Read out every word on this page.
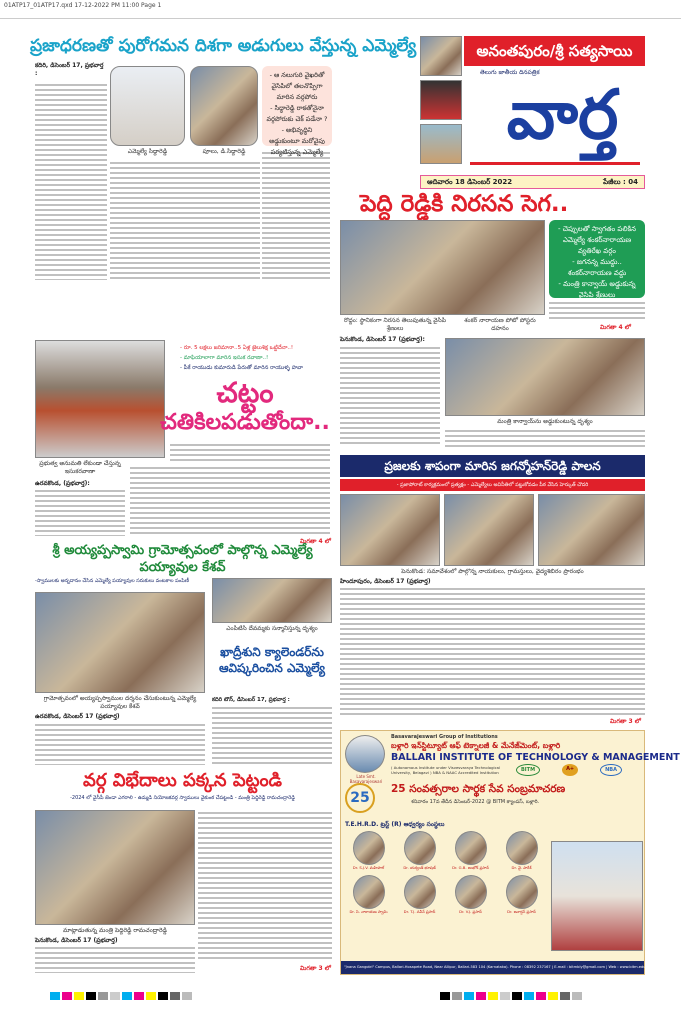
01ATP17_01ATP17.qxd 17-12-2022 PM 11:00 Page 1
ప్రజాధరణతో పురోగమన దిశగా అడుగులు వేస్తున్న ఎమ్మెల్యే
కదిరి, డిసెంబర్ 17, ప్రభవార్త :
ఎమ్మెల్యే సిద్దారెడ్డి	పూలు, డి.సిద్దారెడ్డి
- ఆ నలుగురి వైఖరితో వైసిపిలో తలనొప్పిగా మారిన వర్గపోరు
- సిద్ధారెడ్డి రాకతోనైనా వర్గపోరుకు చెక్ పడేనా ?
- అభివృద్ధిని అడ్డుకుంటూ మరోవైపు పర్యటిస్తున్న ఎమ్మెల్యే
అనంతపురం/శ్రీ సత్యసాయి
తెలుగు జాతీయ దినపత్రిక
వార్త
ఆదివారం 18 డిసెంబర్ 2022	పేజీలు : 04
పెద్ది రెడ్డికి నిరసన సెగ..
- చెప్పులతో స్వాగతం పలికిన ఎమ్మెల్యే శంకర్‌నారాయణ వ్యతిరేఖ వర్గం
- జగనన్న ముద్దు.. శంకర్‌నారాయణ వద్దు
- మంత్రి కాన్వాయ్ అడ్డుకున్న వైసిపి శ్రేణులు
రొద్దం: స్థానికంగా నిరసన తెలుపుతున్న వైసిపి శ్రేణులు
శంకర్ నారాయణ పోటో పోస్టరు దహనం
పెనుకొండ, డిసెంబర్ 17 (ప్రభవార్త):
మంత్రి కాన్వాయ్‌ను అడ్డుకుంటున్న దృశ్యం
మిగతా 4 లో
ప్రభుత్వ అనుమతి లేకుండా చేస్తున్న ఇసుకరవాణా
- రూ. 5 లక్షలు జరిమానా..5 ఏళ్ల జైలుశిక్ష ఒట్టిదేనా..!
- మాఫియాలాగా మారిన ఇసుక రవాణా..!
- పీకే రాయుడు కుమారుడి పేరుతో మారిన రాయుళ్ళ హవా
చట్టం
చతికిలపడుతోందా..
ఉరవకొండ, (ప్రభవార్త):
మిగతా 4 లో
ప్రజలకు శాపంగా మారిన జగన్మోహన్‌రెడ్డి పాలన
- ప్రజాపోరాట్ కార్యక్రమంలో ప్రత్యక్షం - ఎమ్మెల్యేలు అవినీతిలో పట్టుకోవడం పీఠ వేసిన హెర్కుత్ చౌదరి
పెనుకొండ: సమావేశంలో పాల్గొన్న నాయకులు, గ్రామస్తులు, వైద్యశిబిరం ప్రారంభం
హిందూపురం, డిసెంబర్ 17 (ప్రభవార్త)
మిగతా 3 లో
శ్రీ అయ్యప్పస్వామి గ్రామోత్సవంలో పాల్గొన్న ఎమ్మెల్యే పయ్యావుల కేశవ్
-స్వాములకు అన్నదానం చేసిన ఎమ్మెల్యే పయ్యావుల సరుకులు వంటకాల పంపిణీ
ఎంపిటిసి దేవమ్మకు సన్మానిస్తున్న దృశ్యం
గ్రామోత్సవంలో అయ్యప్పస్వాముల దర్శనం చేసుకుంటున్న ఎమ్మెల్యే పయ్యావుల కేశవ్
ఉరవకొండ, డిసెంబర్ 17 (ప్రభవార్త)
ఖాద్రీశుని క్యాలెండర్‌ను ఆవిష్కరించిన ఎమ్మెల్యే
కదిరి టౌన్, డిసెంబర్ 17, ప్రభవార్త :
వర్గ విభేదాలు పక్కన పెట్టండి
-2024 లో వైసీపీ జెండా ఎగరాలి - ఉమ్మడి నియోజకవర్గ స్వాములు వైకుంఠ చేపట్టండి - మంత్రి పెద్దిరెడ్డి రామచంద్రారెడ్డి
మాట్లాడుతున్న మంత్రి పెద్దిరెడ్డి రామచంద్రారెడ్డి
పెనుకొండ, డిసెంబర్ 17 (ప్రభవార్త)
మిగతా 3 లో
Late Smt. Basavarajeswari
Basavarajeswari Group of Institutions
బళ్లారి ఇన్‌స్టిట్యూట్ ఆఫ్ టెక్నాలజీ & మేనేజ్‌మెంట్, బళ్లారి
BALLARI INSTITUTE OF TECHNOLOGY & MANAGEMENT
( Autonomous Institute under Visvesvaraya Technological University, Belagavi ) NBA & NAAC Accredited Institution	BITM	A+	NBA
25
25 సంవత్సరాల సార్థక సేవ సంబ్రమాచరణ
శనివారం 17వ తేదీన డిసెంబర్-2022 @ BITM క్యాంపస్, బళ్లారి.
T.E.H.R.D. ట్రస్ట్ (R) ఆధ్వర్యం సంస్థలు
Dr. S.J.V. మహిపాల్	Dr. యశ్వంత్ భూషణ్	Dr. G.B. జంభోక్ ప్రసాద్	Dr. వై. పారేశ్
Dr. సి. నారాయణ స్వామి	Dr. T.J. నవీన్ ప్రసాద్	Dr. V.J. ప్రసాద్	Dr. జనార్దన్ ప్రసాద్
"Jnana Gangotri" Campus, Ballari-Hosapete Road, Near Allipur, Ballari-583 104 (Karnataka). Phone : 08392 237167 | E-mail : bitmbly@gmail.com | Web : www.bitm.edu.in
